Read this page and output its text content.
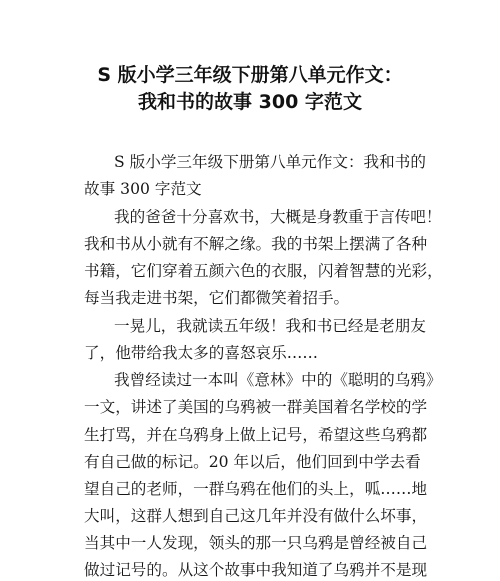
S 版小学三年级下册第八单元作文：
我和书的故事 300 字范文
S 版小学三年级下册第八单元作文：我和书的
故事 300 字范文
我的爸爸十分喜欢书，大概是身教重于言传吧！
我和书从小就有不解之缘。我的书架上摆满了各种
书籍，它们穿着五颜六色的衣服，闪着智慧的光彩，
每当我走进书架，它们都微笑着招手。
一晃儿，我就读五年级！我和书已经是老朋友
了，他带给我太多的喜怒哀乐……
我曾经读过一本叫《意林》中的《聪明的乌鸦》
一文，讲述了美国的乌鸦被一群美国着名学校的学
生打骂，并在乌鸦身上做上记号，希望这些乌鸦都
有自己做的标记。20 年以后，他们回到中学去看
望自己的老师，一群乌鸦在他们的头上，呱……地
大叫，这群人想到自己这几年并没有做什么坏事，
当其中一人发现，领头的那一只乌鸦是曾经被自己
做过记号的。从这个故事中我知道了乌鸦并不是现
